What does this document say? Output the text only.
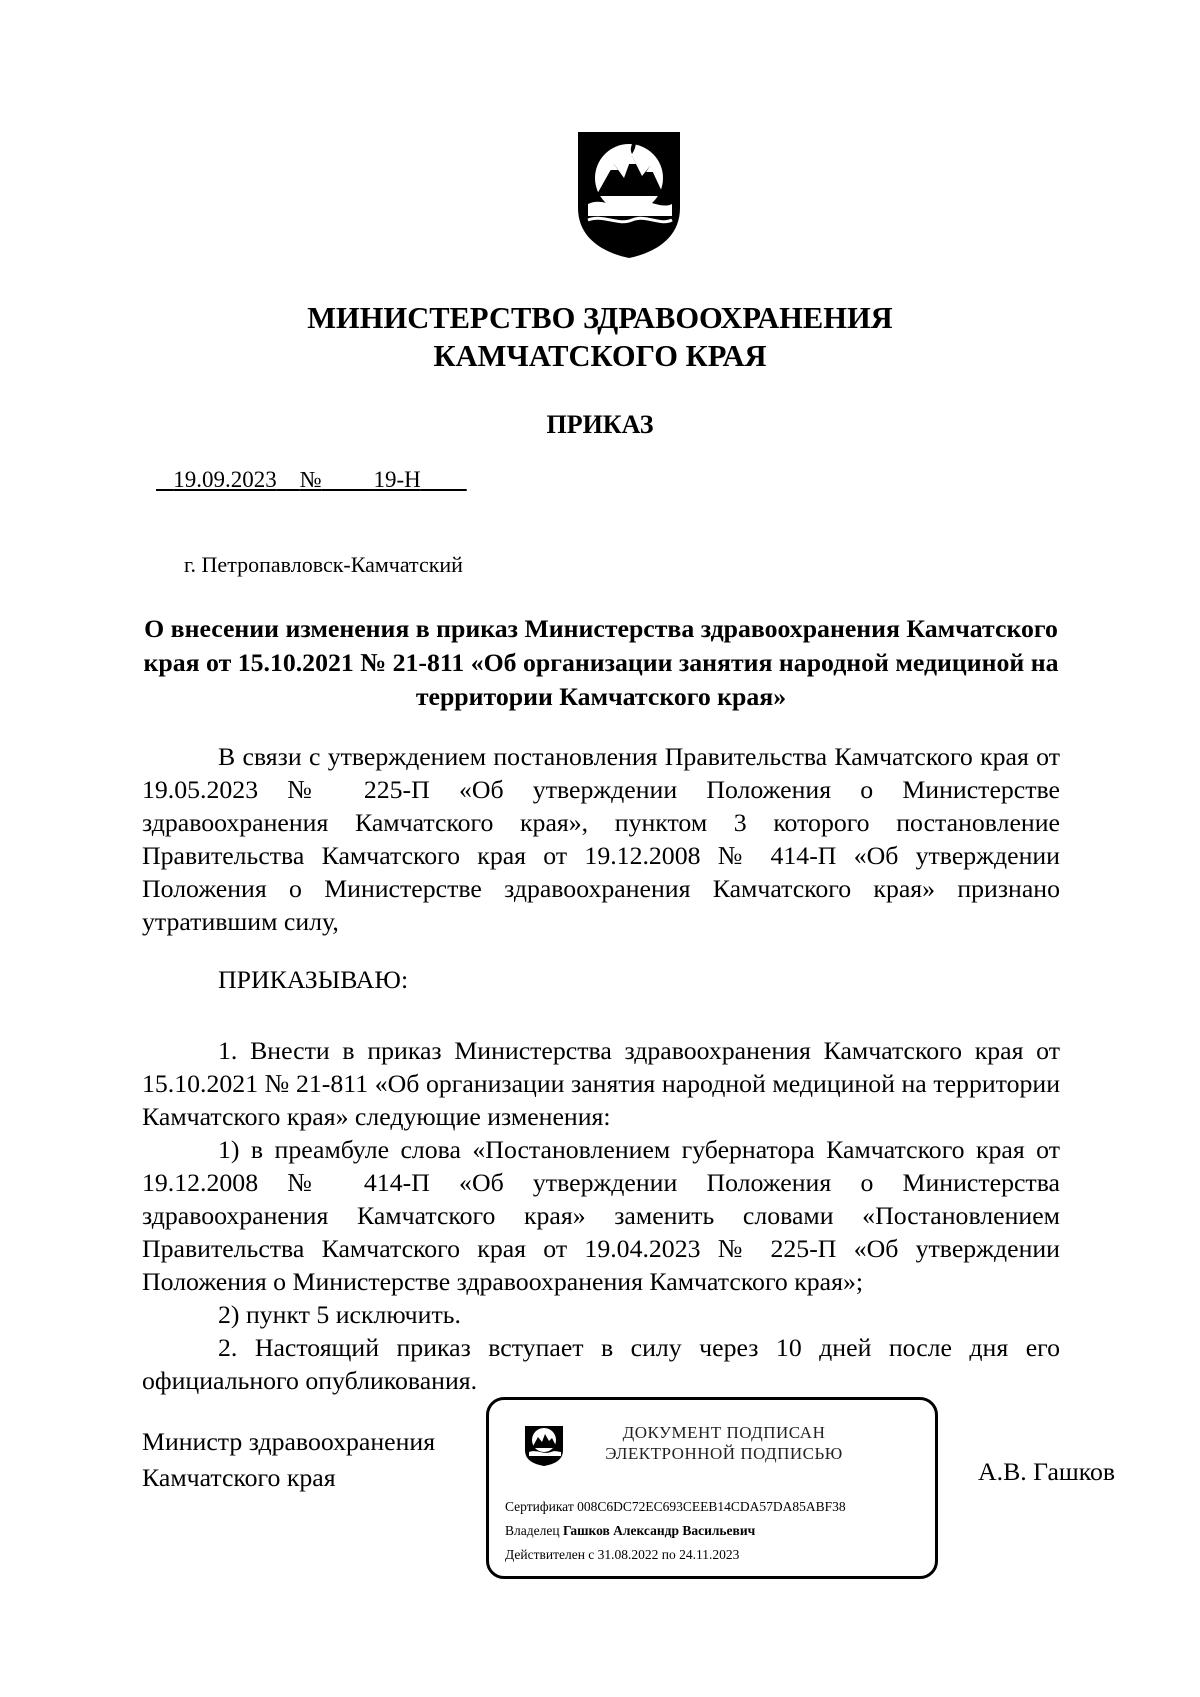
МИНИСТЕРСТВО ЗДРАВООХРАНЕНИЯ
КАМЧАТСКОГО КРАЯ
ПРИКАЗ
19.09.2023 № 19-Н
г. Петропавловск-Камчатский

О внесении изменения в приказ Министерства здравоохранения Камчатского края от 15.10.2021 № 21-811 «Об организации занятия народной медициной на территории Камчатского края»

В связи с утверждением постановления Правительства Камчатского края от 19.05.2023 № 225-П «Об утверждении Положения о Министерстве здравоохранения Камчатского края», пунктом 3 которого постановление Правительства Камчатского края от 19.12.2008 № 414-П «Об утверждении Положения о Министерстве здравоохранения Камчатского края» признано утратившим силу,

ПРИКАЗЫВАЮ:

1. Внести в приказ Министерства здравоохранения Камчатского края от 15.10.2021 № 21-811 «Об организации занятия народной медициной на территории Камчатского края» следующие изменения:

1) в преамбуле слова «Постановлением губернатора Камчатского края от 19.12.2008 № 414-П «Об утверждении Положения о Министерства здравоохранения Камчатского края» заменить словами «Постановлением Правительства Камчатского края от 19.04.2023 № 225-П «Об утверждении Положения о Министерстве здравоохранения Камчатского края»;

2) пункт 5 исключить.

2. Настоящий приказ вступает в силу через 10 дней после дня его официального опубликования.

Министр здравоохранения
Камчатского края
ДОКУМЕНТ ПОДПИСАН
ЭЛЕКТРОННОЙ ПОДПИСЬЮ
Сертификат 008C6DC72EC693CEEB14CDA57DA85ABF38
Владелец Гашков Александр Васильевич
Действителен с 31.08.2022 по 24.11.2023
А.В. Гашков
